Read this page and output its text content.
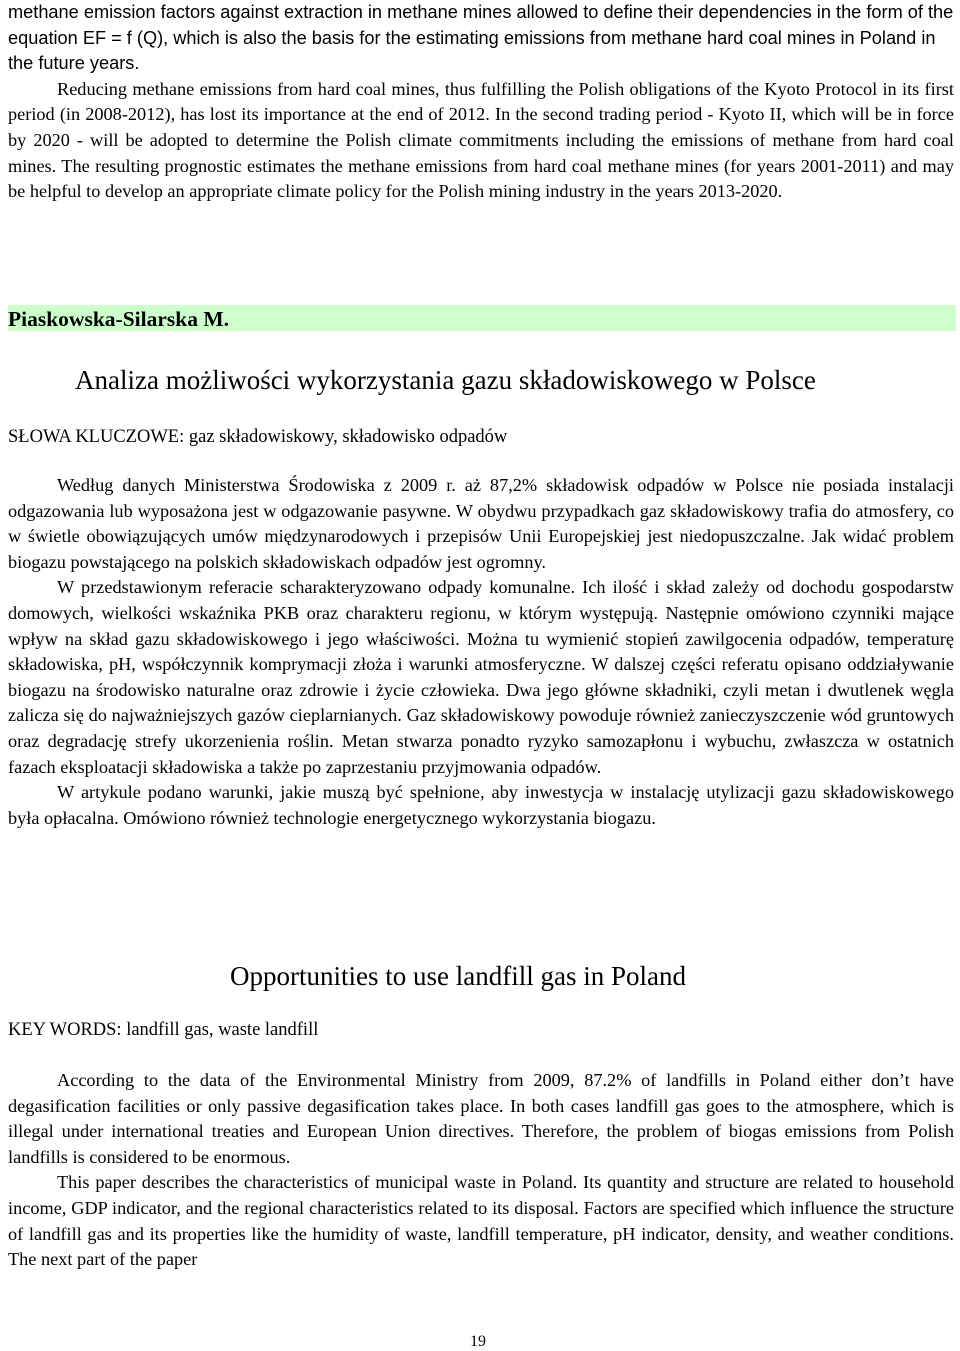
methane emission factors against extraction in methane mines allowed to define their dependencies in the form of the equation EF = f (Q), which is also the basis for the estimating emissions from methane hard coal mines in Poland in the future years.

Reducing methane emissions from hard coal mines, thus fulfilling the Polish obligations of the Kyoto Protocol in its first period (in 2008-2012), has lost its importance at the end of 2012. In the second trading period - Kyoto II, which will be in force by 2020 - will be adopted to determine the Polish climate commitments including the emissions of methane from hard coal mines. The resulting prognostic estimates the methane emissions from hard coal methane mines (for years 2001-2011) and may be helpful to develop an appropriate climate policy for the Polish mining industry in the years 2013-2020.

Piaskowska-Silarska M.
Analiza możliwości wykorzystania gazu składowiskowego w Polsce
SŁOWA KLUCZOWE: gaz składowiskowy, składowisko odpadów

Według danych Ministerstwa Środowiska z 2009 r. aż 87,2% składowisk odpadów w Polsce nie posiada instalacji odgazowania lub wyposażona jest w odgazowanie pasywne. W obydwu przypadkach gaz składowiskowy trafia do atmosfery, co w świetle obowiązujących umów międzynarodowych i przepisów Unii Europejskiej jest niedopuszczalne. Jak widać problem biogazu powstającego na polskich składowiskach odpadów jest ogromny.

W przedstawionym referacie scharakteryzowano odpady komunalne. Ich ilość i skład zależy od dochodu gospodarstw domowych, wielkości wskaźnika PKB oraz charakteru regionu, w którym występują. Następnie omówiono czynniki mające wpływ na skład gazu składowiskowego i jego właściwości. Można tu wymienić stopień zawilgocenia odpadów, temperaturę składowiska, pH, współczynnik komprymacji złoża i warunki atmosferyczne. W dalszej części referatu opisano oddziaływanie biogazu na środowisko naturalne oraz zdrowie i życie człowieka. Dwa jego główne składniki, czyli metan i dwutlenek węgla zalicza się do najważniejszych gazów cieplarnianych. Gaz składowiskowy powoduje również zanieczyszczenie wód gruntowych oraz degradację strefy ukorzenienia roślin. Metan stwarza ponadto ryzyko samozapłonu i wybuchu, zwłaszcza w ostatnich fazach eksploatacji składowiska a także po zaprzestaniu przyjmowania odpadów.

W artykule podano warunki, jakie muszą być spełnione, aby inwestycja w instalację utylizacji gazu składowiskowego była opłacalna. Omówiono również technologie energetycznego wykorzystania biogazu.

Opportunities to use landfill gas in Poland
KEY WORDS: landfill gas, waste landfill

According to the data of the Environmental Ministry from 2009, 87.2% of landfills in Poland either don’t have degasification facilities or only passive degasification takes place. In both cases landfill gas goes to the atmosphere, which is illegal under international treaties and European Union directives. Therefore, the problem of biogas emissions from Polish landfills is considered to be enormous.

This paper describes the characteristics of municipal waste in Poland. Its quantity and structure are related to household income, GDP indicator, and the regional characteristics related to its disposal. Factors are specified which influence the structure of landfill gas and its properties like the humidity of waste, landfill temperature, pH indicator, density, and weather conditions. The next part of the paper

19
